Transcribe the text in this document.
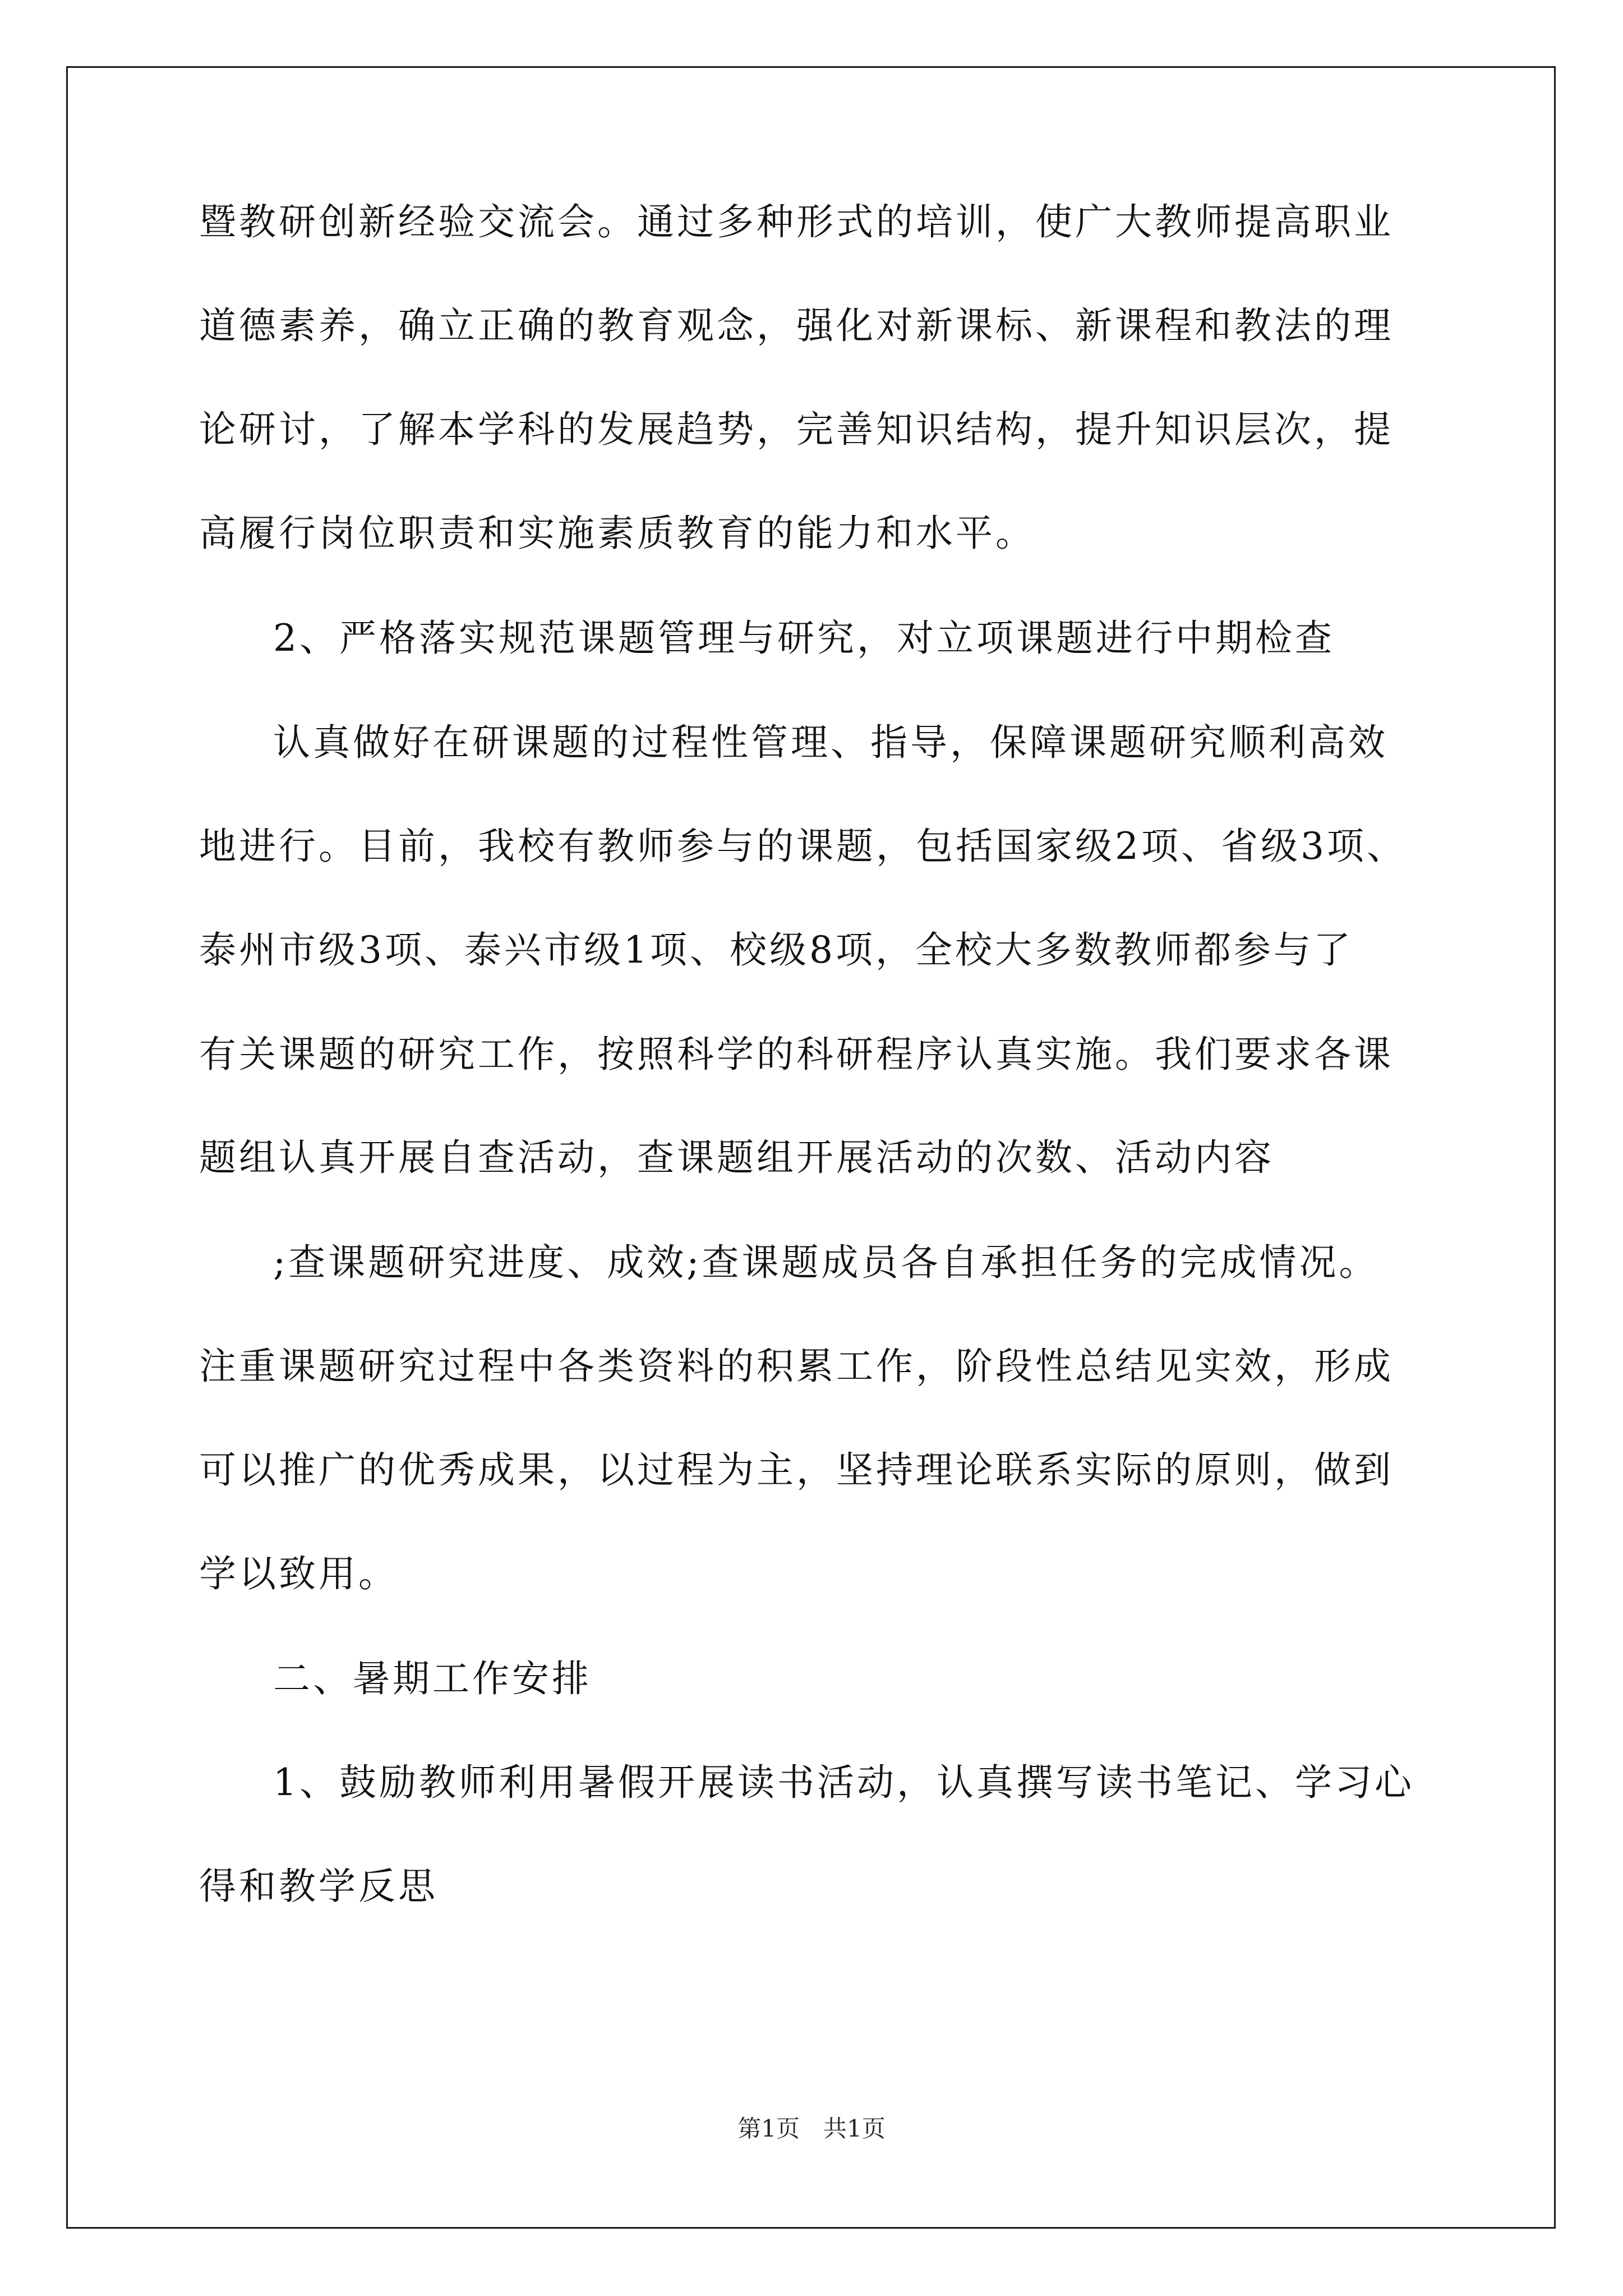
暨教研创新经验交流会。通过多种形式的培训，使广大教师提高职业
道德素养，确立正确的教育观念，强化对新课标、新课程和教法的理
论研讨，了解本学科的发展趋势，完善知识结构，提升知识层次，提
高履行岗位职责和实施素质教育的能力和水平。
2、严格落实规范课题管理与研究，对立项课题进行中期检查
认真做好在研课题的过程性管理、指导，保障课题研究顺利高效
地进行。目前，我校有教师参与的课题，包括国家级2项、省级3项、
泰州市级3项、泰兴市级1项、校级8项，全校大多数教师都参与了
有关课题的研究工作，按照科学的科研程序认真实施。我们要求各课
题组认真开展自查活动，查课题组开展活动的次数、活动内容
;查课题研究进度、成效;查课题成员各自承担任务的完成情况。
注重课题研究过程中各类资料的积累工作，阶段性总结见实效，形成
可以推广的优秀成果，以过程为主，坚持理论联系实际的原则，做到
学以致用。
二、暑期工作安排
1、鼓励教师利用暑假开展读书活动，认真撰写读书笔记、学习心
得和教学反思
第1页　共1页
